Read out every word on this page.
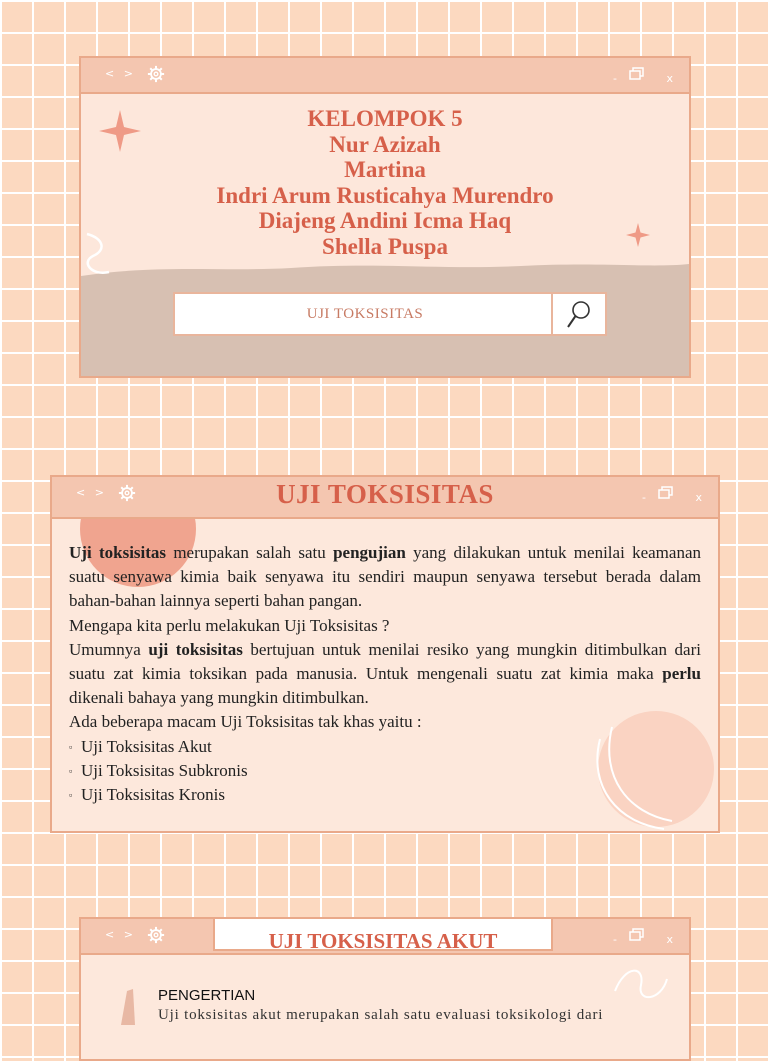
< >	-	x
KELOMPOK 5
Nur Azizah
Martina
Indri Arum Rusticahya Murendro
Diajeng Andini Icma Haq
Shella Puspa
UJI TOKSISITAS
< >	UJI TOKSISITAS	-	x

Uji toksisitas merupakan salah satu pengujian yang dilakukan untuk menilai keamanan suatu senyawa kimia baik senyawa itu sendiri maupun senyawa tersebut berada dalam bahan-bahan lainnya seperti bahan pangan.

Mengapa kita perlu melakukan Uji Toksisitas ?

Umumnya uji toksisitas bertujuan untuk menilai resiko yang mungkin ditimbulkan dari suatu zat kimia toksikan pada manusia. Untuk mengenali suatu zat kimia maka perlu dikenali bahaya yang mungkin ditimbulkan.

Ada beberapa macam Uji Toksisitas tak khas yaitu :

▫ Uji Toksisitas Akut
▫ Uji Toksisitas Subkronis
▫ Uji Toksisitas Kronis
< >	-	x
UJI TOKSISITAS AKUT
PENGERTIAN
Uji toksisitas akut merupakan salah satu evaluasi toksikologi dari
